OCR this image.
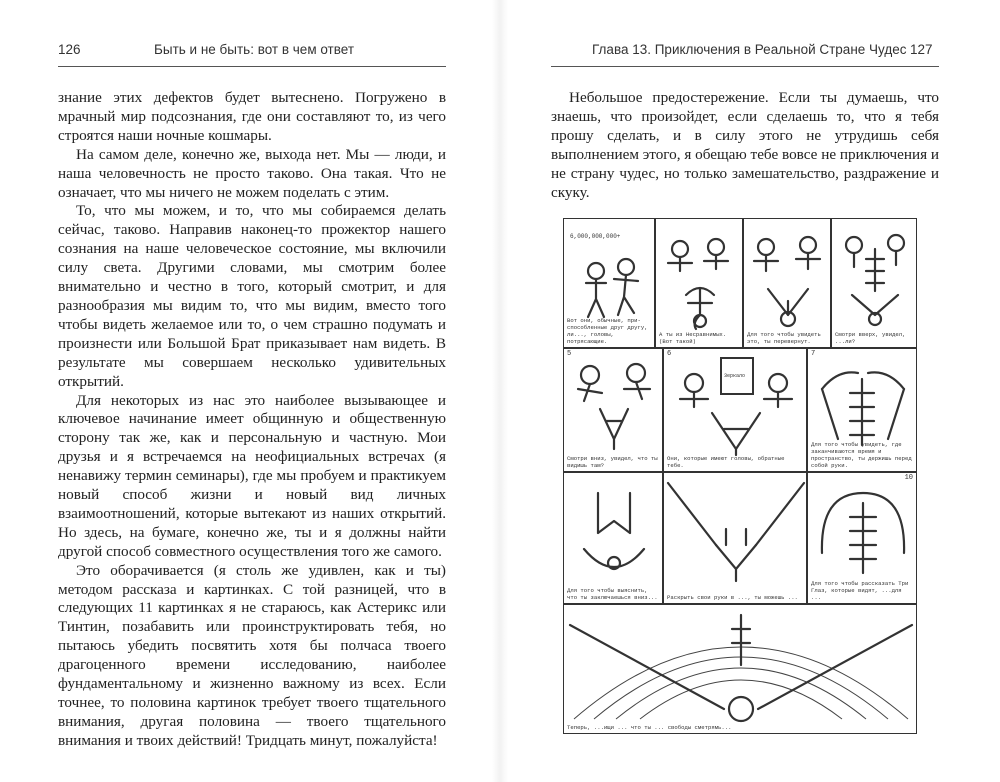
126	Быть и не быть: вот в чем ответ

знание этих дефектов будет вытеснено. Погружено в мрачный мир подсознания, где они составляют то, из чего строятся наши ночные кошмары.

На самом деле, конечно же, выхода нет. Мы — люди, и наша человечность не просто таково. Она такая. Что не означает, что мы ничего не можем поделать с этим.

То, что мы можем, и то, что мы собираемся делать сейчас, таково. Направив наконец-то прожектор нашего сознания на наше человеческое состояние, мы включили силу света. Другими словами, мы смотрим более внимательно и честно в того, который смотрит, и для разнообразия мы видим то, что мы видим, вместо того чтобы видеть желаемое или то, о чем страшно подумать и произнести или Большой Брат приказывает нам видеть. В результате мы совершаем несколько удивительных открытий.

Для некоторых из нас это наиболее вызывающее и ключевое начинание имеет общинную и общественную сторону так же, как и персональную и частную. Мои друзья и я встречаемся на неофициальных встречах (я ненавижу термин семинары), где мы пробуем и практикуем новый способ жизни и новый вид личных взаимоотношений, которые вытекают из наших открытий. Но здесь, на бумаге, конечно же, ты и я должны найти другой способ совместного осуществления того же самого.

Это оборачивается (я столь же удивлен, как и ты) методом рассказа и картинках. С той разницей, что в следующих 11 картинках я не стараюсь, как Астерикс или Тинтин, позабавить или проинструктировать тебя, но пытаюсь убедить посвятить хотя бы полчаса твоего драгоценного времени исследованию, наиболее фундаментальному и жизненно важному из всех. Если точнее, то половина картинок требует твоего тщательного внимания, другая половина — твоего тщательного внимания и твоих действий! Тридцать минут, пожалуйста!

Глава 13. Приключения в Реальной Стране Чудес 127

Небольшое предостережение. Если ты думаешь, что знаешь, что произойдет, если сделаешь то, что я тебя прошу сделать, и в силу этого не утрудишь себя выполнением этого, я обещаю тебе вовсе не приключения и не страну чудес, но только замешательство, раздражение и скуку.

6,000,000,000+
Вот они, обычные, при-способленные друг другу, ли..., головы, потрясающие.
А ты из Несравнимых. (Вот такой)
Для того чтобы увидеть это, ты перевернут.
Смотри вверх, увидел, ...ли?
5
Смотри вниз, увидел, что ты видишь там?
6
Зеркало
Они, которые имеют головы, обратные тебе.
7
Для того чтобы увидеть, где заканчиваются время и пространство, ты держишь перед собой руки.
Для того чтобы выяснить, что ты заключаешься вниз... Раскрыть свои руки в ..., ты можешь ...
10
Для того чтобы рассказать Три Глаз, которые видят, ...для ...
Теперь, ...ищи ... что ты ... свободы сметрямь...
